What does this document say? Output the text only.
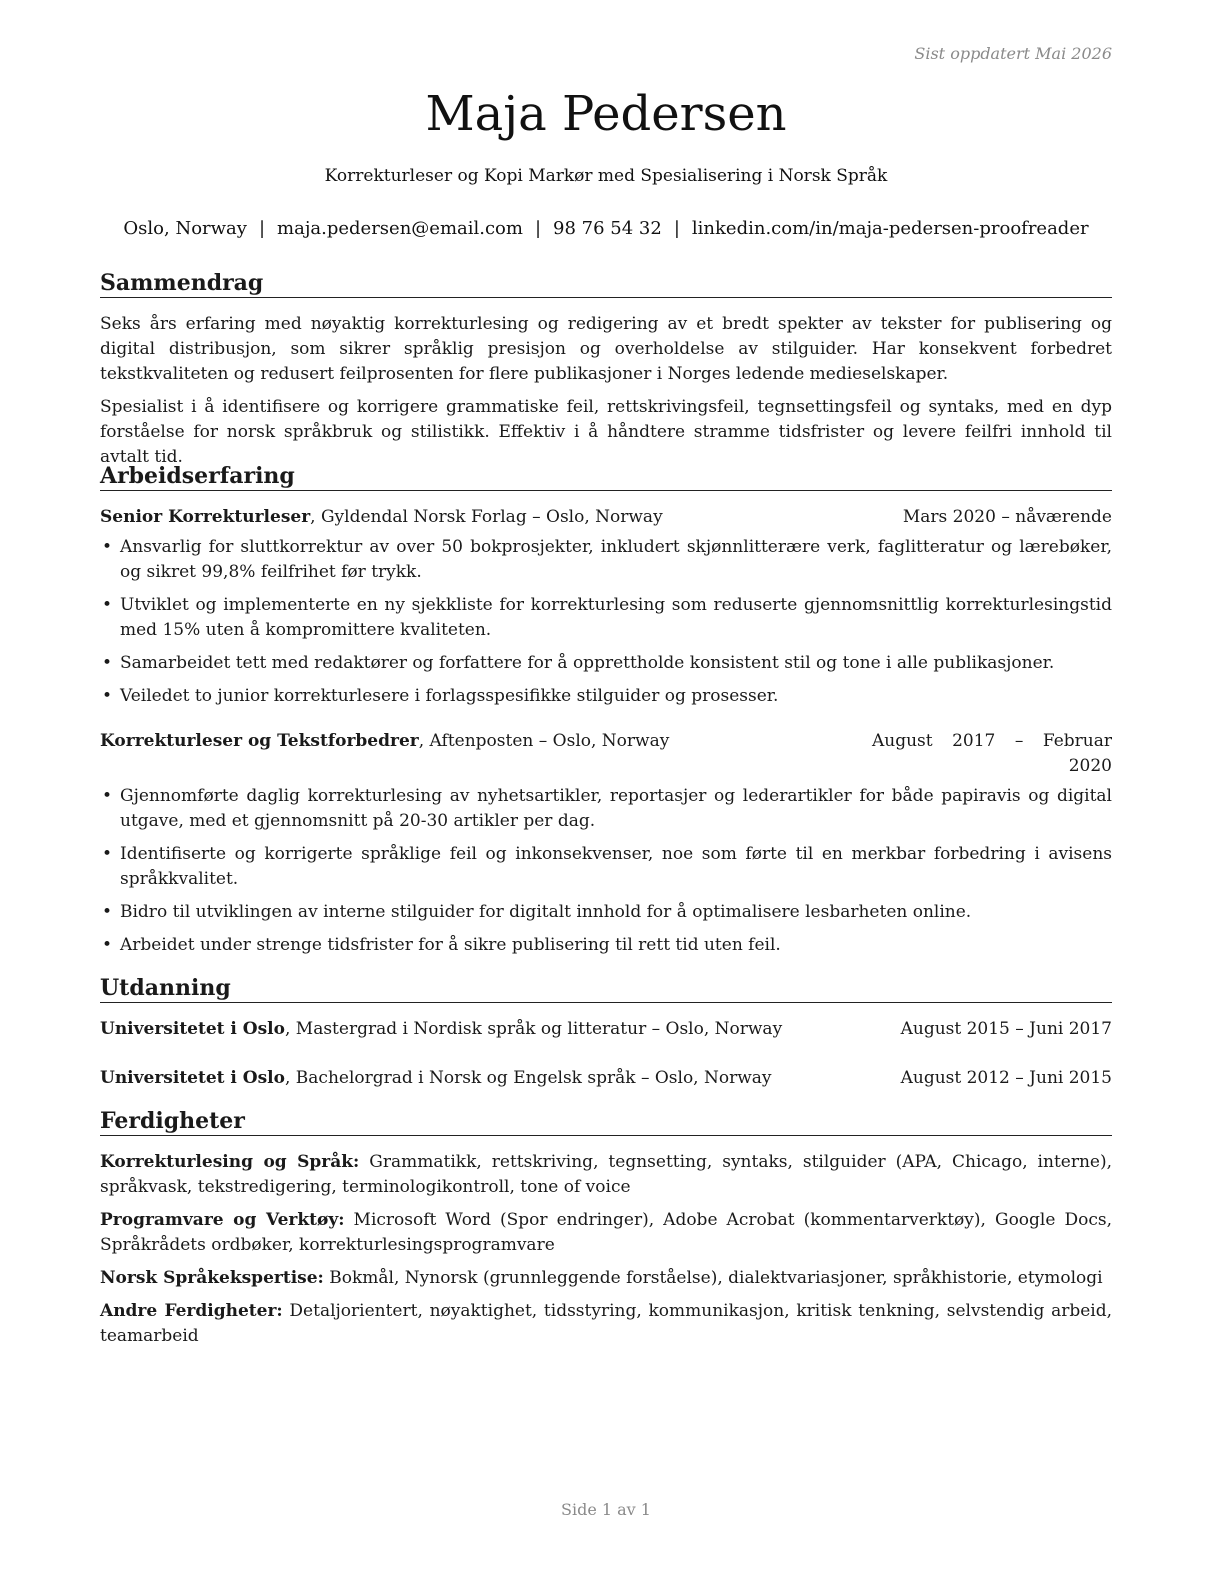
Sist oppdatert Mai 2026
Maja Pedersen
Korrekturleser og Kopi Markør med Spesialisering i Norsk Språk
Oslo, Norway | maja.pedersen@email.com | 98 76 54 32 | linkedin.com/in/maja-pedersen-proofreader
Sammendrag

Seks års erfaring med nøyaktig korrekturlesing og redigering av et bredt spekter av tekster for publisering og digital distribusjon, som sikrer språklig presisjon og overholdelse av stilguider. Har konsekvent forbedret tekstkvaliteten og redusert feilprosenten for flere publikasjoner i Norges ledende medieselskaper.

Spesialist i å identifisere og korrigere grammatiske feil, rettskrivingsfeil, tegnsettingsfeil og syntaks, med en dyp forståelse for norsk språkbruk og stilistikk. Effektiv i å håndtere stramme tidsfrister og levere feilfri innhold til avtalt tid.

Arbeidserfaring
Senior Korrekturleser, Gyldendal Norsk Forlag – Oslo, Norway	Mars 2020 – nåværende
• Ansvarlig for sluttkorrektur av over 50 bokprosjekter, inkludert skjønnlitterære verk, faglitteratur og lærebøker, og sikret 99,8% feilfrihet før trykk.
• Utviklet og implementerte en ny sjekkliste for korrekturlesing som reduserte gjennomsnittlig korrekturlesingstid med 15% uten å kompromittere kvaliteten.
• Samarbeidet tett med redaktører og forfattere for å opprettholde konsistent stil og tone i alle publikasjoner.
• Veiledet to junior korrekturlesere i forlagsspesifikke stilguider og prosesser.
Korrekturleser og Tekstforbedrer, Aftenposten – Oslo, Norway	August 2017 – Februar 2020
• Gjennomførte daglig korrekturlesing av nyhetsartikler, reportasjer og lederartikler for både papiravis og digital utgave, med et gjennomsnitt på 20-30 artikler per dag.
• Identifiserte og korrigerte språklige feil og inkonsekvenser, noe som førte til en merkbar forbedring i avisens språkkvalitet.
• Bidro til utviklingen av interne stilguider for digitalt innhold for å optimalisere lesbarheten online.
• Arbeidet under strenge tidsfrister for å sikre publisering til rett tid uten feil.
Utdanning
Universitetet i Oslo, Mastergrad i Nordisk språk og litteratur – Oslo, Norway	August 2015 – Juni 2017
Universitetet i Oslo, Bachelorgrad i Norsk og Engelsk språk – Oslo, Norway	August 2012 – Juni 2015
Ferdigheter

Korrekturlesing og Språk: Grammatikk, rettskriving, tegnsetting, syntaks, stilguider (APA, Chicago, interne), språkvask, tekstredigering, terminologikontroll, tone of voice

Programvare og Verktøy: Microsoft Word (Spor endringer), Adobe Acrobat (kommentarverktøy), Google Docs, Språkrådets ordbøker, korrekturlesingsprogramvare

Norsk Språkekspertise: Bokmål, Nynorsk (grunnleggende forståelse), dialektvariasjoner, språkhistorie, etymologi

Andre Ferdigheter: Detaljorientert, nøyaktighet, tidsstyring, kommunikasjon, kritisk tenkning, selvstendig arbeid, teamarbeid

Side 1 av 1
